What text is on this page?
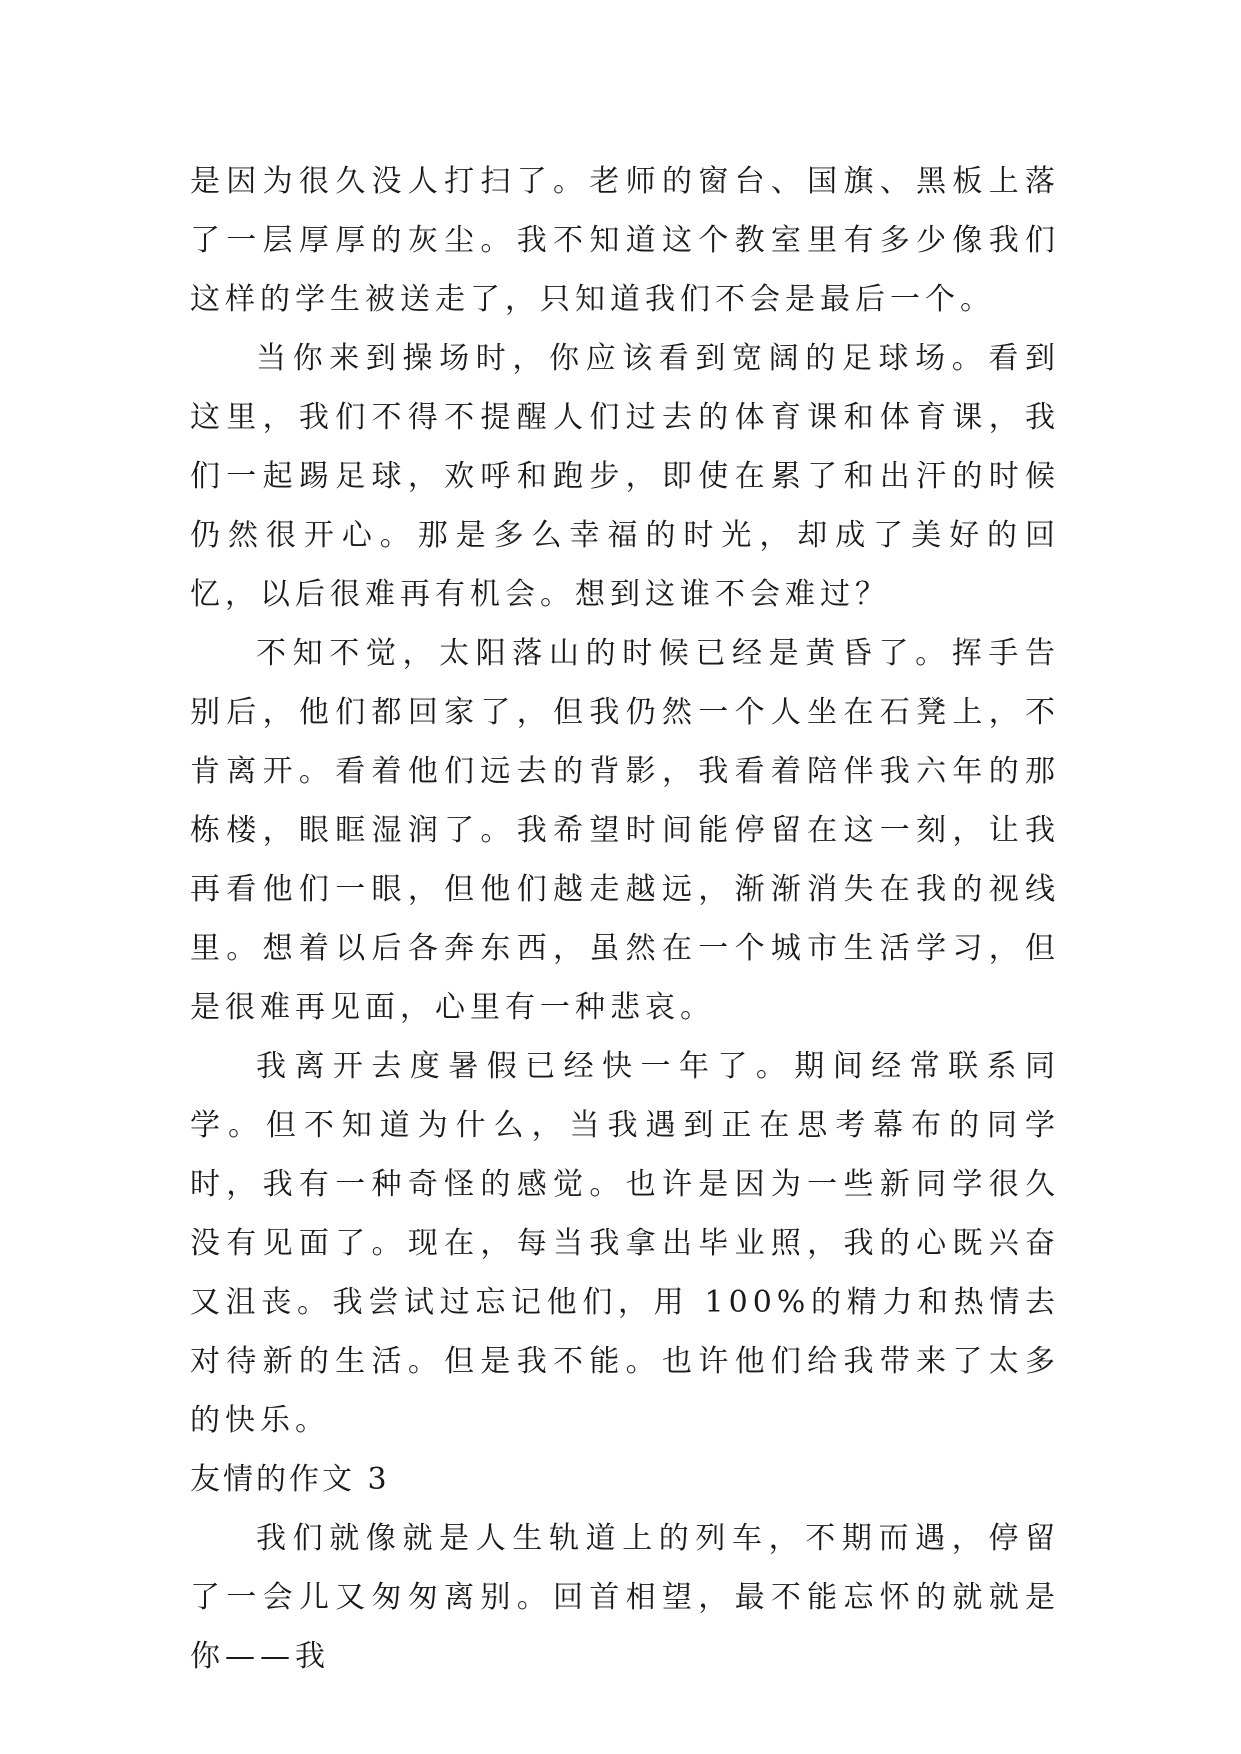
是因为很久没人打扫了。老师的窗台、国旗、黑板上落了一层厚厚的灰尘。我不知道这个教室里有多少像我们这样的学生被送走了，只知道我们不会是最后一个。

当你来到操场时，你应该看到宽阔的足球场。看到这里，我们不得不提醒人们过去的体育课和体育课，我们一起踢足球，欢呼和跑步，即使在累了和出汗的时候仍然很开心。那是多么幸福的时光，却成了美好的回忆，以后很难再有机会。想到这谁不会难过？

不知不觉，太阳落山的时候已经是黄昏了。挥手告别后，他们都回家了，但我仍然一个人坐在石凳上，不肯离开。看着他们远去的背影，我看着陪伴我六年的那栋楼，眼眶湿润了。我希望时间能停留在这一刻，让我再看他们一眼，但他们越走越远，渐渐消失在我的视线里。想着以后各奔东西，虽然在一个城市生活学习，但是很难再见面，心里有一种悲哀。

我离开去度暑假已经快一年了。期间经常联系同学。但不知道为什么，当我遇到正在思考幕布的同学时，我有一种奇怪的感觉。也许是因为一些新同学很久没有见面了。现在，每当我拿出毕业照，我的心既兴奋又沮丧。我尝试过忘记他们，用 100%的精力和热情去对待新的生活。但是我不能。也许他们给我带来了太多的快乐。

友情的作文 3

我们就像就是人生轨道上的列车，不期而遇，停留了一会儿又匆匆离别。回首相望，最不能忘怀的就就是你——我
